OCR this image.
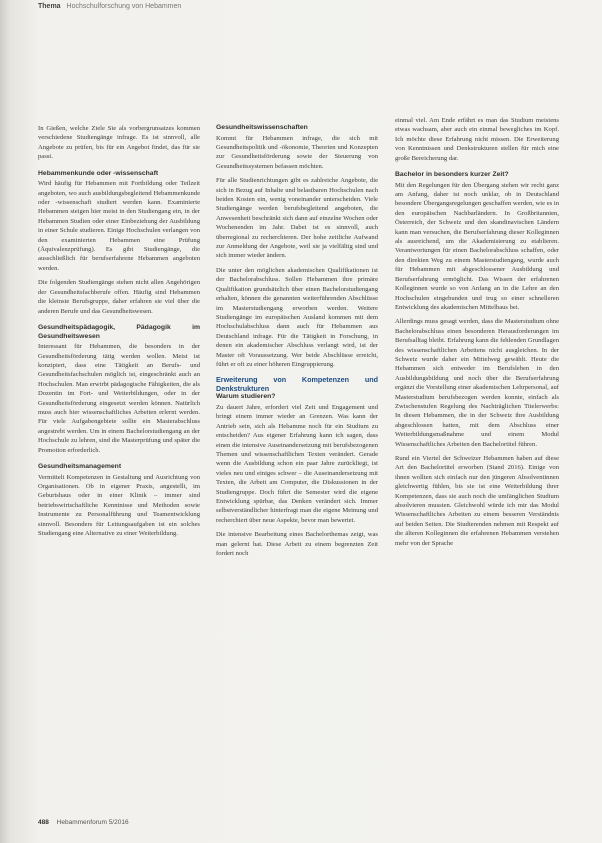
Thema Hochschulforschung von Hebammen

In Gießen, welche Ziele Sie als vorbergrunsatzes kommen verschiedene Studiengänge infrage. Es ist sinnvoll, alle Angebote zu prüfen, bis für ein Angebot findet, das für sie passt.

Hebammenkunde oder -wissenschaft

Wird häufig für Hebammen mit Fortbildung oder Teilzeit angeboten, wo auch ausbildungsbegleitend Hebammenkunde oder -wissenschaft studiert werden kann. Examinierte Hebammen steigen hier meist in den Studiengang ein, in der Hebammen Studien oder einer Einbeziehung der Ausbildung in einer Schule studieren. Einige Hochschulen verlangen von den examinierten Hebammen eine Prüfung (Äquivalenzprüfung). Es gibt Studiengänge, die ausschließlich für berufserfahrene Hebammen angeboten werden.

Die folgenden Studiengänge stehen nicht allen Angehörigen der Gesundheitsfachberufe offen. Häufig sind Hebammen die kleinste Berufsgruppe, daher erfahren sie viel über die anderen Berufe und das Gesundheitswesen.

Gesundheitspädagogik, Pädagogik im Gesundheitswesen

Interessant für Hebammen, die besonders in der Gesundheitsförderung tätig werden wollen. Meist ist konzipiert, dass eine Tätigkeit an Berufs- und Gesundheitsfachschulen möglich ist, eingeschränkt auch an Hochschulen. Man erwirbt pädagogische Fähigkeiten, die als Dozentin im Fort- und Weiterbildungen, oder in der Gesundheitsförderung eingesetzt werden können. Natürlich muss auch hier wissenschaftliches Arbeiten erlernt werden. Für viele Aufgabengebiete sollte ein Masterabschluss angestrebt werden. Um in einem Bachelorstudiengang an der Hochschule zu lehren, sind die Masterprüfung und später die Promotion erforderlich.

Gesundheitsmanagement

Vermittelt Kompetenzen in Gestaltung und Ausrichtung von Organisationen. Ob in eigener Praxis, angestellt, im Geburtshaus oder in einer Klinik – immer sind betriebswirtschaftliche Kenntnisse und Methoden sowie Instrumente zu Personalführung und Teamentwicklung sinnvoll. Besonders für Leitungsaufgaben ist ein solches Studiengang eine Alternative zu einer Weiterbildung.

Gesundheitswissenschaften

Kommt für Hebammen infrage, die sich mit Gesundheitspolitik und -ökonomie, Theorien und Konzepten zur Gesundheitsförderung sowie der Steuerung von Gesundheitssystemen befassen möchten.

Für alle Studienrichtungen gibt es zahlreiche Angebote, die sich in Bezug auf Inhalte und belastbaren Hochschulen nach beiden Kosten ein, wenig voneinander unterscheiden. Viele Studiengänge werden berufsbegleitend angeboten, die Anwesenheit beschränkt sich dann auf einzelne Wochen oder Wochenenden im Jahr. Dabei ist es sinnvoll, auch überregional zu recherchieren. Der hohe zeitliche Aufwand zur Anmeldung der Angebote, weil sie ja vielfältig sind und sich immer wieder ändern.

Die unter den möglichen akademischen Qualifikationen ist der Bachelorabschluss. Sollen Hebammen ihre primäre Qualifikation grundsätzlich über einen Bachelorstudiengang erhalten, können die genannten weiterführenden Abschlüsse im Masterstudiengang erworben werden. Weitere Studiengänge im europäischen Ausland kommen mit dem Hochschulabschluss dann auch für Hebammen aus Deutschland infrage. Für die Tätigkeit in Forschung, in denen ein akademischer Abschluss verlangt wird, ist der Master oft Voraussetzung. Wer beide Abschlüsse erreicht, führt er oft zu einer höheren Eingruppierung.

Erweiterung von Kompetenzen und Denkstrukturen
Warum studieren?

Zu dauert Jahre, erfordert viel Zeit und Engagement und bringt einem immer wieder an Grenzen. Was kann der Antrieb sein, sich als Hebamme noch für ein Studium zu entscheiden? Aus eigener Erfahrung kann ich sagen, dass einen die intensive Auseinandersetzung mit berufsbezogenen Themen und wissenschaftlichen Texten verändert. Gerade wenn die Ausbildung schon ein paar Jahre zurückliegt, ist vieles neu und einiges schwer – die Auseinandersetzung mit Texten, die Arbeit am Computer, die Diskussionen in der Studiengruppe. Doch führt die Semester wird die eigene Entwicklung spürbar, das Denken verändert sich. Immer selbstverständlicher hinterfragt man die eigene Meinung und recherchiert über neue Aspekte, bevor man bewertet.

Die intensive Bearbeitung eines Bachelorthemas zeigt, was man gelernt hat. Diese Arbeit zu einem begrenzten Zeit fordert noch

einmal viel. Am Ende erfährt es man das Studium meistens etwas wachsam, aber auch ein einmal bewegliches im Kopf. Ich möchte diese Erfahrung nicht missen. Die Erweiterung von Kenntnissen und Denkstrukturen stellen für mich eine große Bereicherung dar.

Bachelor in besonders kurzer Zeit?

Mit den Regelungen für den Übergang stehen wir recht ganz am Anfang, daher ist noch unklar, ob in Deutschland besondere Übergangsregelungen geschaffen werden, wie es in den europäischen Nachbarländern. In Großbritannien, Österreich, der Schweiz und den skandinavischen Ländern kann man versuchen, die Berufserfahrung dieser Kolleginnen als ausreichend, um die Akademisierung zu etablieren. Verantwortungen für einen Bachelorabschluss schaffen, oder den direkten Weg zu einem Masterstudiengang, wurde auch für Hebammen mit abgeschlossener Ausbildung und Berufserfahrung ermöglicht. Das Wissen der erfahrenen Kolleginnen wurde so von Anfang an in die Lehre an den Hochschulen eingebunden und trug so einer schnelleren Entwicklung des akademischen Mittelbaus bei.

Allerdings muss gesagt werden, dass die Masterstudium ohne Bachelorabschluss einen besonderen Herausforderungen im Berufsalltag bleibt. Erfahrung kann die fehlenden Grundlagen des wissenschaftlichen Arbeitens nicht ausgleichen. In der Schweiz wurde daher ein Mittelweg gewählt. Heute die Hebammen sich entweder im Berufsleben in den Ausbildungsbildung und noch über die Berufserfahrung ergänzt die Vorstellung einer akademischen Lehrpersonal, auf Masterstudium berufsbezogen werden konnte, einfach als Zwischenstufen Regelung des Nachträglichen Titelerwerbs: In diesen Hebammen, die in der Schweiz ihre Ausbildung abgeschlossen hatten, mit dem Abschluss einer Weiterbildungsmaßnahme und einem Modul Wissenschaftliches Arbeiten den Bachelortitel führen.

Rund ein Viertel der Schweizer Hebammen haben auf diese Art den Bachelortitel erworben (Stand 2016). Einige von ihnen wollten sich einfach nur den jüngeren Absolventinnen gleichwertig fühlen, bis sie ist eine Weiterbildung ihrer Kompetenzen, dass sie auch noch die umfänglichen Studium absolvieren mussten. Gleichwohl würde ich mir das Modul Wissenschaftliches Arbeiten zu einem besseren Verständnis auf beiden Seiten. Die Studierenden nehmen mit Respekt auf die älteren Kolleginnen die erfahrenen Hebammen verstehen mehr von der Sprache

488 Hebammenforum 5/2016
